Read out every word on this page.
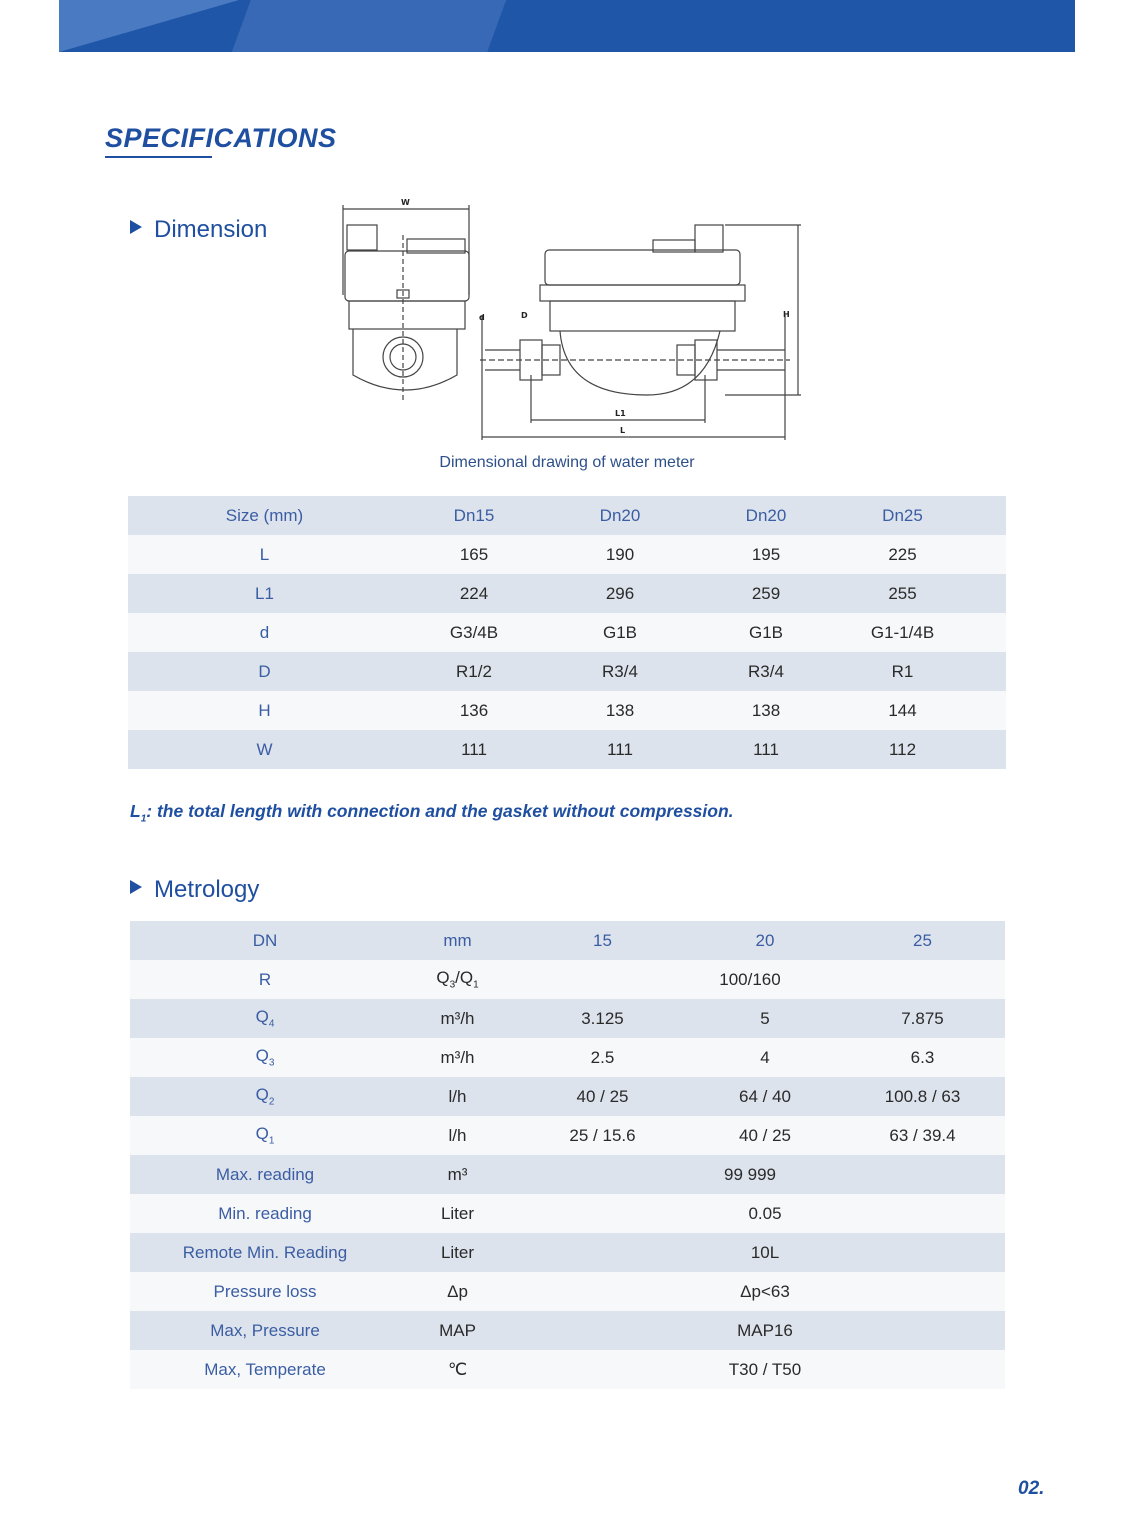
SPECIFICATIONS
Dimension
W
H
d	D
L1
L
Dimensional drawing of water meter
Size (mm)	Dn15	Dn20	Dn20	Dn25
L	165	190	195	225
L1	224	296	259	255
d	G3/4B	G1B	G1B	G1-1/4B
D	R1/2	R3/4	R3/4	R1
H	136	138	138	144
W	111	111	111	112
$L_1$: the total length with connection and the gasket without compression.
Metrology
DN	mm	15	20	25
R	$Q_3/Q_1$	100/160		
$Q_4$	m³/h	3.125	5	7.875
$Q_3$	m³/h	2.5	4	6.3
$Q_2$	l/h	40 / 25	64 / 40	100.8 / 63
$Q_1$	l/h	25 / 15.6	40 / 25	63 / 39.4
Max. reading	m³	99 999		
Min. reading	Liter	0.05		
Remote Min. Reading	Liter	10L		
Pressure loss	Δp	Δp<63		
Max, Pressure	MAP	MAP16		
Max, Temperate	℃	T30 / T50		
02.
